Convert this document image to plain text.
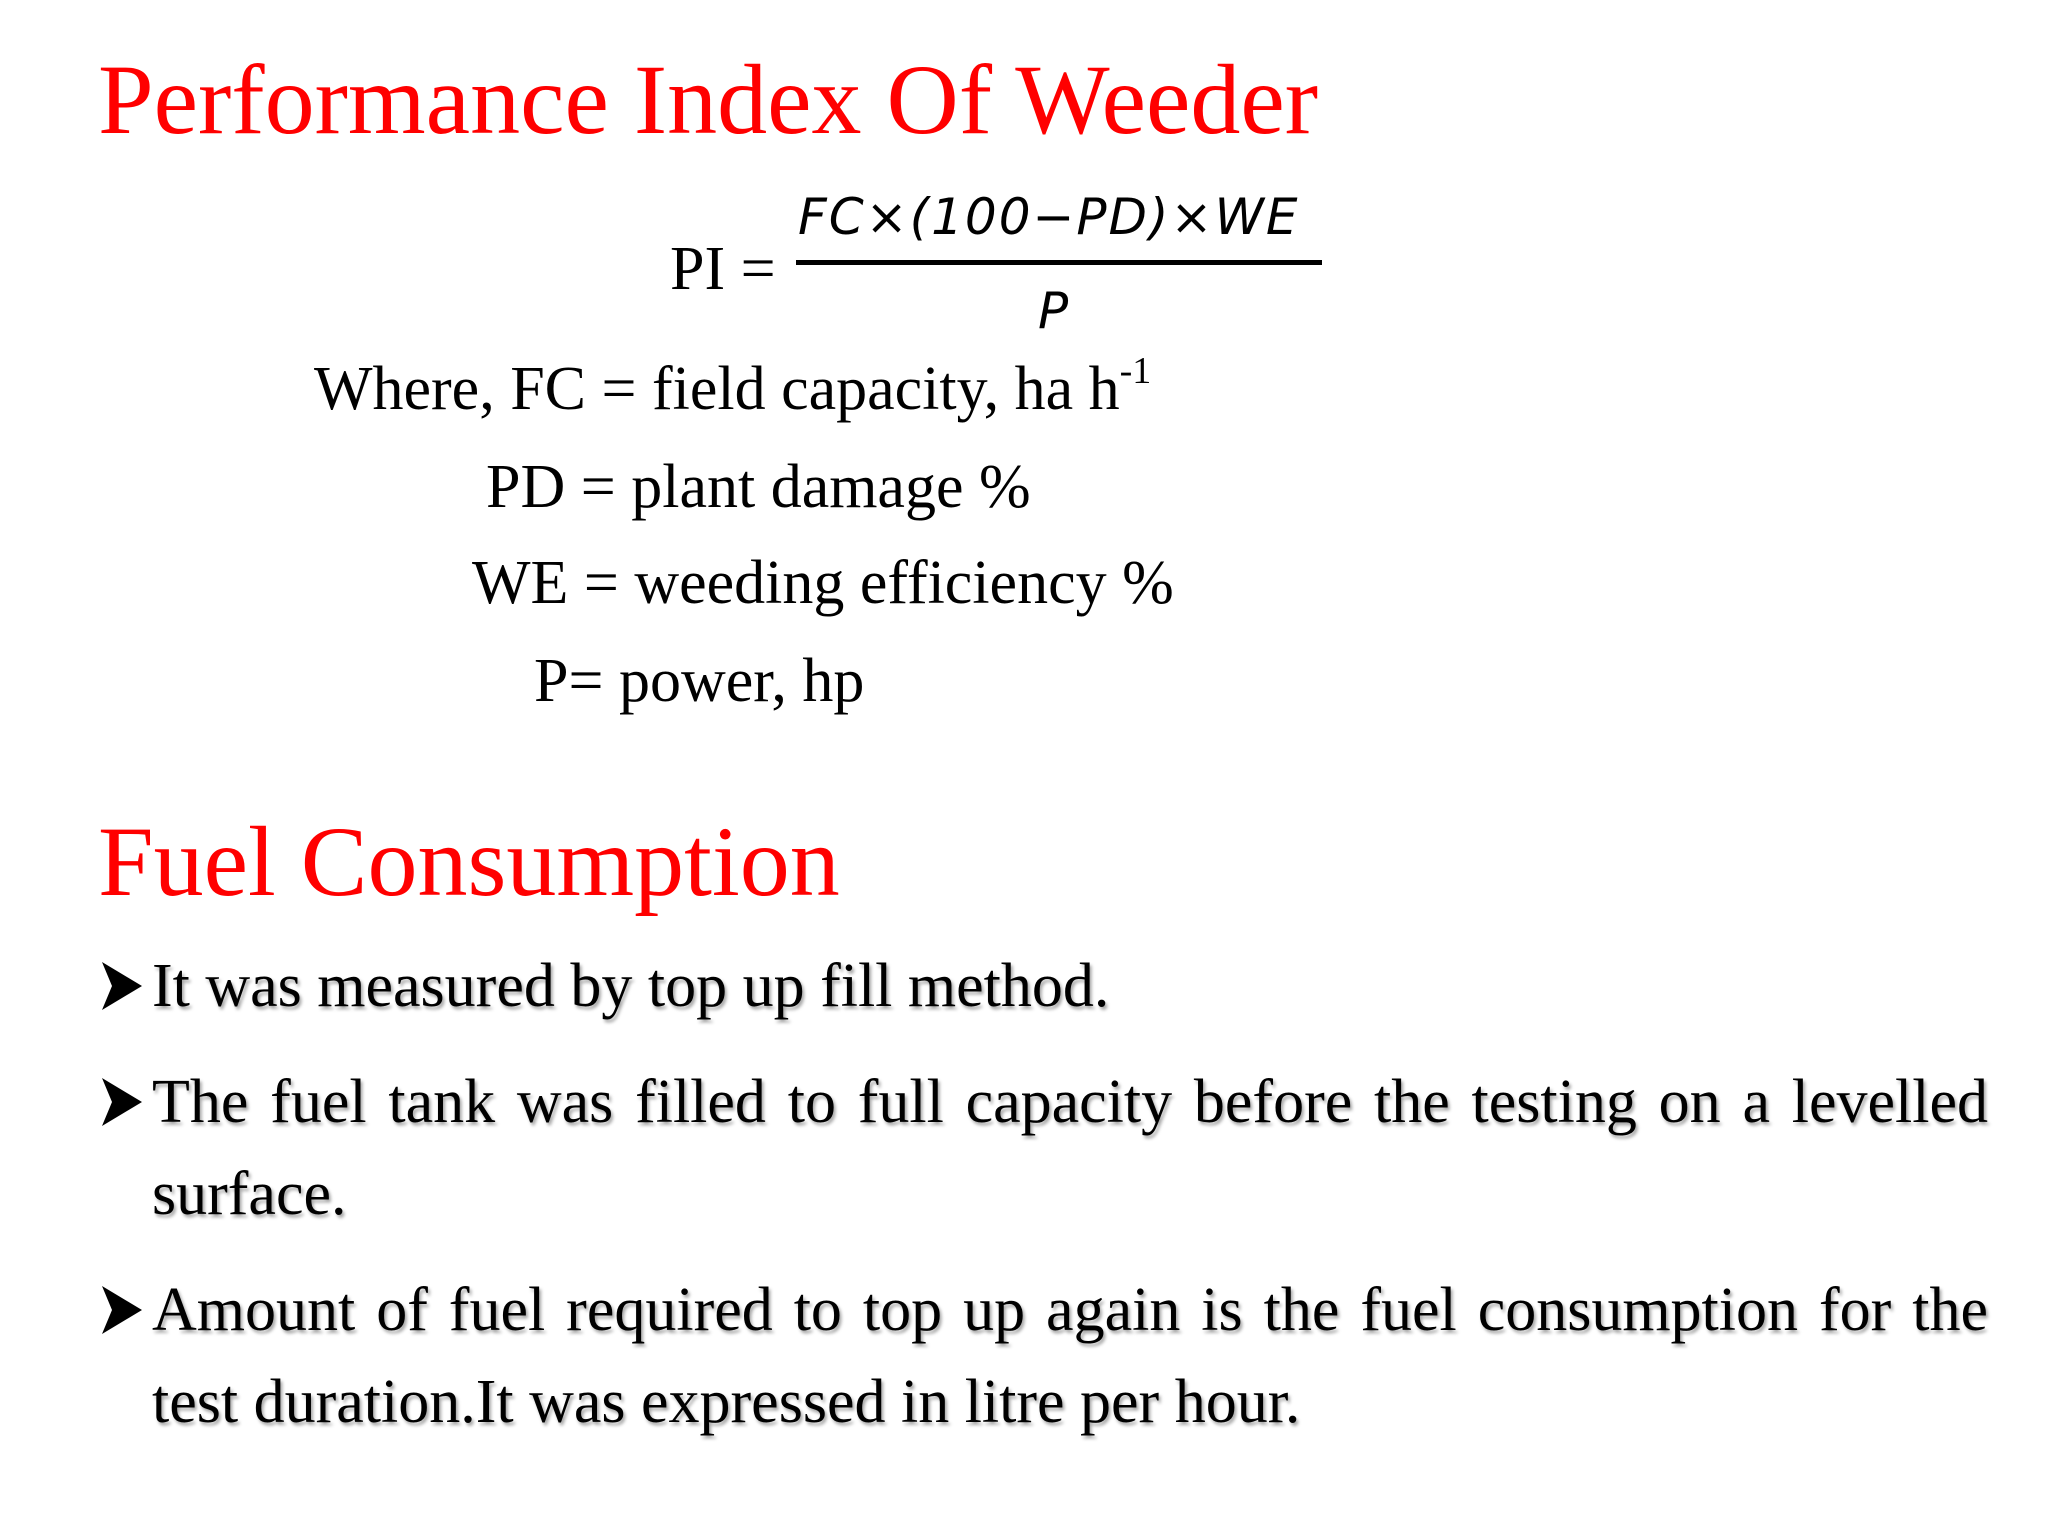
Performance Index Of Weeder
PI =
FC×(100−PD)×WE
P
Where, FC = field capacity, ha $h^{-1}$
PD = plant damage %
WE = weeding efficiency %
P= power, hp
Fuel Consumption
It was measured by top up fill method.
The fuel tank was filled to full capacity before the testing on a levelled surface.
Amount of fuel required to top up again is the fuel consumption for the test duration.It was expressed in litre per hour.
